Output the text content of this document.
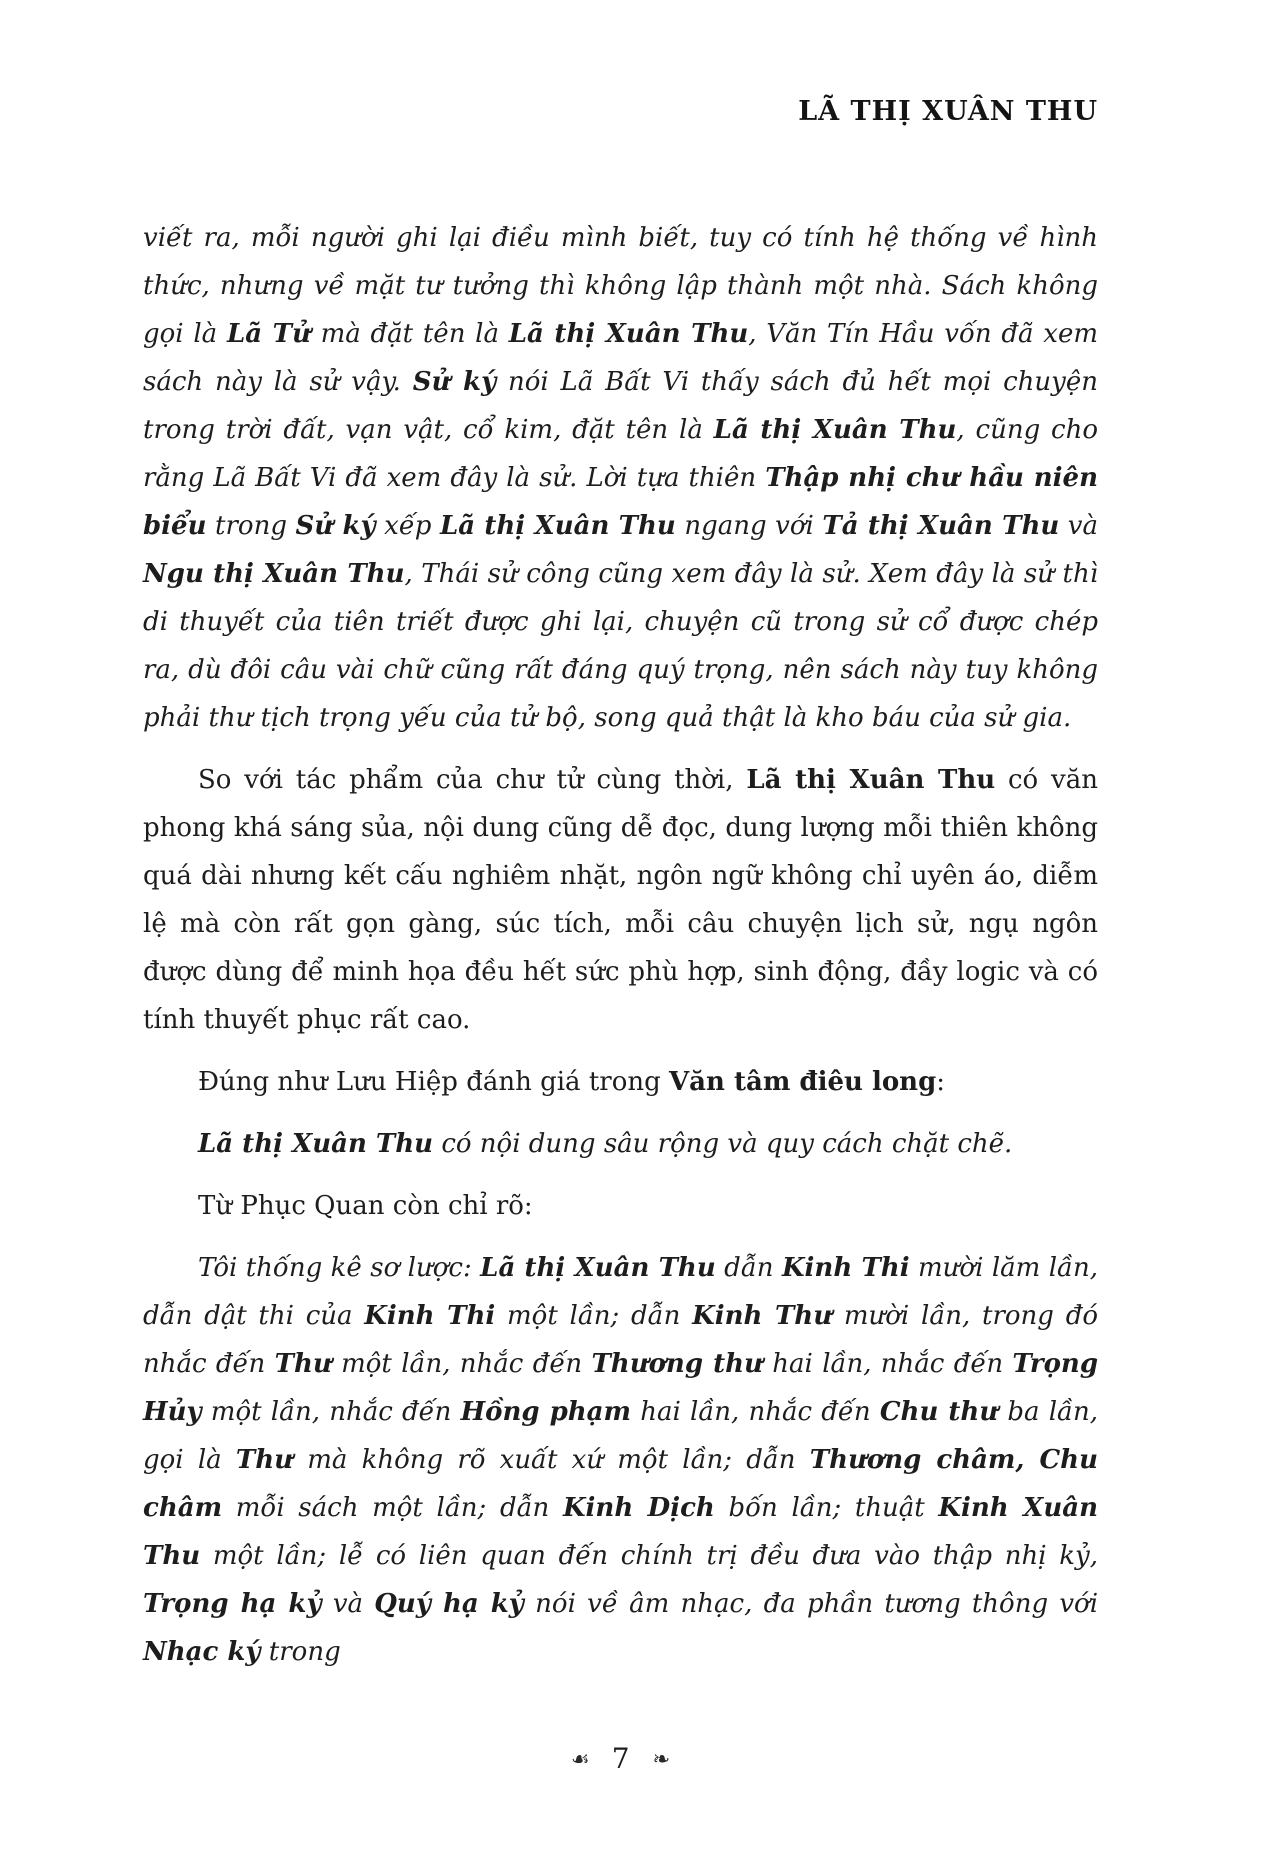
LÃ THỊ XUÂN THU

viết ra, mỗi người ghi lại điều mình biết, tuy có tính hệ thống về hình thức, nhưng về mặt tư tưởng thì không lập thành một nhà. Sách không gọi là Lã Tử mà đặt tên là Lã thị Xuân Thu, Văn Tín Hầu vốn đã xem sách này là sử vậy. Sử ký nói Lã Bất Vi thấy sách đủ hết mọi chuyện trong trời đất, vạn vật, cổ kim, đặt tên là Lã thị Xuân Thu, cũng cho rằng Lã Bất Vi đã xem đây là sử. Lời tựa thiên Thập nhị chư hầu niên biểu trong Sử ký xếp Lã thị Xuân Thu ngang với Tả thị Xuân Thu và Ngu thị Xuân Thu, Thái sử công cũng xem đây là sử. Xem đây là sử thì di thuyết của tiên triết được ghi lại, chuyện cũ trong sử cổ được chép ra, dù đôi câu vài chữ cũng rất đáng quý trọng, nên sách này tuy không phải thư tịch trọng yếu của tử bộ, song quả thật là kho báu của sử gia.

So với tác phẩm của chư tử cùng thời, Lã thị Xuân Thu có văn phong khá sáng sủa, nội dung cũng dễ đọc, dung lượng mỗi thiên không quá dài nhưng kết cấu nghiêm nhặt, ngôn ngữ không chỉ uyên áo, diễm lệ mà còn rất gọn gàng, súc tích, mỗi câu chuyện lịch sử, ngụ ngôn được dùng để minh họa đều hết sức phù hợp, sinh động, đầy logic và có tính thuyết phục rất cao.

Đúng như Lưu Hiệp đánh giá trong Văn tâm điêu long:

Lã thị Xuân Thu có nội dung sâu rộng và quy cách chặt chẽ.

Từ Phục Quan còn chỉ rõ:

Tôi thống kê sơ lược: Lã thị Xuân Thu dẫn Kinh Thi mười lăm lần, dẫn dật thi của Kinh Thi một lần; dẫn Kinh Thư mười lần, trong đó nhắc đến Thư một lần, nhắc đến Thương thư hai lần, nhắc đến Trọng Hủy một lần, nhắc đến Hồng phạm hai lần, nhắc đến Chu thư ba lần, gọi là Thư mà không rõ xuất xứ một lần; dẫn Thương châm, Chu châm mỗi sách một lần; dẫn Kinh Dịch bốn lần; thuật Kinh Xuân Thu một lần; lễ có liên quan đến chính trị đều đưa vào thập nhị kỷ, Trọng hạ kỷ và Quý hạ kỷ nói về âm nhạc, đa phần tương thông với Nhạc ký trong

☙ 7 ❧
